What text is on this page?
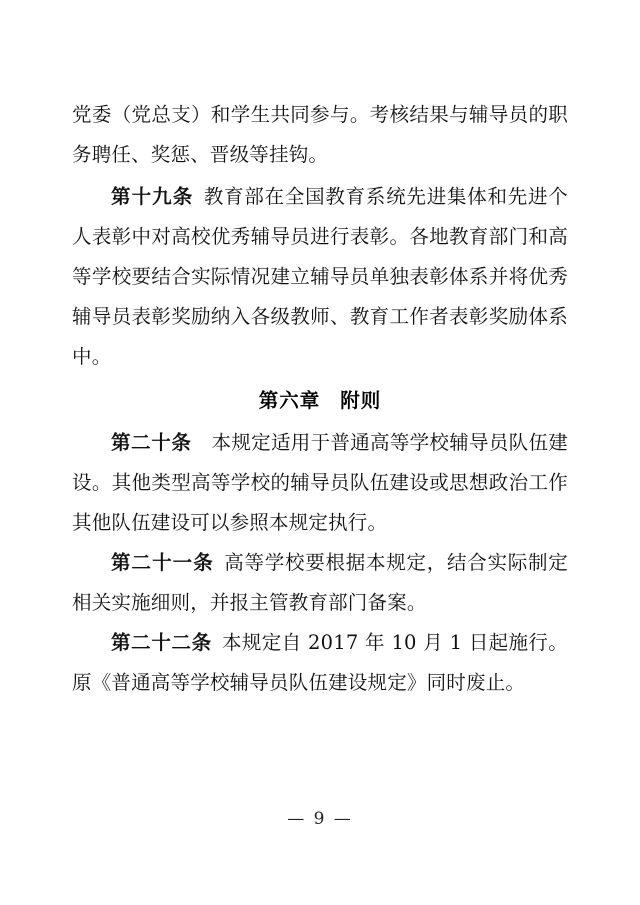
党委（党总支）和学生共同参与。考核结果与辅导员的职务聘任、奖惩、晋级等挂钩。

第十九条 教育部在全国教育系统先进集体和先进个人表彰中对高校优秀辅导员进行表彰。各地教育部门和高等学校要结合实际情况建立辅导员单独表彰体系并将优秀辅导员表彰奖励纳入各级教师、教育工作者表彰奖励体系中。

第六章 附则

第二十条 本规定适用于普通高等学校辅导员队伍建设。其他类型高等学校的辅导员队伍建设或思想政治工作其他队伍建设可以参照本规定执行。

第二十一条 高等学校要根据本规定，结合实际制定相关实施细则，并报主管教育部门备案。

第二十二条 本规定自 2017 年 10 月 1 日起施行。原《普通高等学校辅导员队伍建设规定》同时废止。

— 9 —
